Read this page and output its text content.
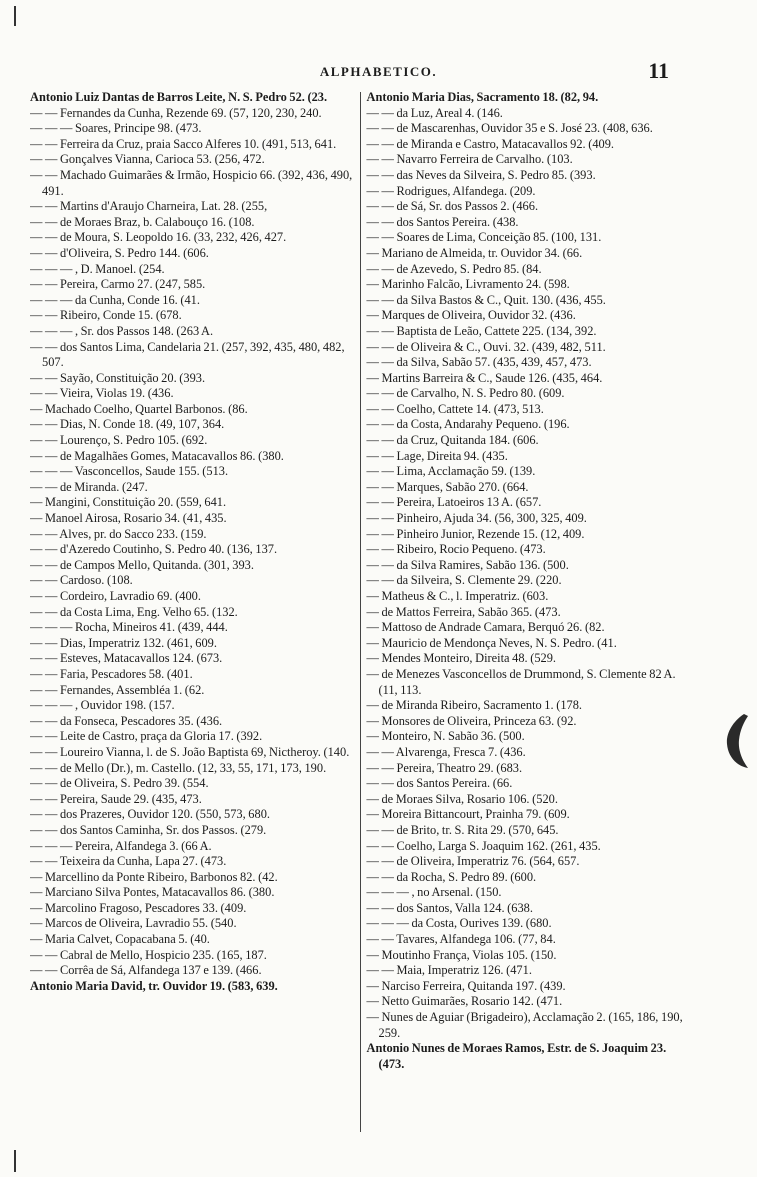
ALPHABETICO.	11
Antonio Luiz Dantas de Barros Leite, N. S. Pedro 52. (23.
— — Fernandes da Cunha, Rezende 69. (57, 120, 230, 240.
— — — Soares, Principe 98. (473.
— — Ferreira da Cruz, praia Sacco Alferes 10. (491, 513, 641.
— — Gonçalves Vianna, Carioca 53. (256, 472.
— — Machado Guimarães & Irmão, Hospicio 66. (392, 436, 490, 491.
— — Martins d'Araujo Charneira, Lat. 28. (255,
— — de Moraes Braz, b. Calabouço 16. (108.
— — de Moura, S. Leopoldo 16. (33, 232, 426, 427.
— — d'Oliveira, S. Pedro 144. (606.
— — — , D. Manoel. (254.
— — Pereira, Carmo 27. (247, 585.
— — — da Cunha, Conde 16. (41.
— — Ribeiro, Conde 15. (678.
— — — , Sr. dos Passos 148. (263 A.
— — dos Santos Lima, Candelaria 21. (257, 392, 435, 480, 482, 507.
— — Sayão, Constituição 20. (393.
— — Vieira, Violas 19. (436.
— Machado Coelho, Quartel Barbonos. (86.
— — Dias, N. Conde 18. (49, 107, 364.
— — Lourenço, S. Pedro 105. (692.
— — de Magalhães Gomes, Matacavallos 86. (380.
— — — Vasconcellos, Saude 155. (513.
— — de Miranda. (247.
— Mangini, Constituição 20. (559, 641.
— Manoel Airosa, Rosario 34. (41, 435.
— — Alves, pr. do Sacco 233. (159.
— — d'Azeredo Coutinho, S. Pedro 40. (136, 137.
— — de Campos Mello, Quitanda. (301, 393.
— — Cardoso. (108.
— — Cordeiro, Lavradio 69. (400.
— — da Costa Lima, Eng. Velho 65. (132.
— — — Rocha, Mineiros 41. (439, 444.
— — Dias, Imperatriz 132. (461, 609.
— — Esteves, Matacavallos 124. (673.
— — Faria, Pescadores 58. (401.
— — Fernandes, Assembléa 1. (62.
— — — , Ouvidor 198. (157.
— — da Fonseca, Pescadores 35. (436.
— — Leite de Castro, praça da Gloria 17. (392.
— — Loureiro Vianna, l. de S. João Baptista 69, Nictheroy. (140.
— — de Mello (Dr.), m. Castello. (12, 33, 55, 171, 173, 190.
— — de Oliveira, S. Pedro 39. (554.
— — Pereira, Saude 29. (435, 473.
— — dos Prazeres, Ouvidor 120. (550, 573, 680.
— — dos Santos Caminha, Sr. dos Passos. (279.
— — — Pereira, Alfandega 3. (66 A.
— — Teixeira da Cunha, Lapa 27. (473.
— Marcellino da Ponte Ribeiro, Barbonos 82. (42.
— Marciano Silva Pontes, Matacavallos 86. (380.
— Marcolino Fragoso, Pescadores 33. (409.
— Marcos de Oliveira, Lavradio 55. (540.
— Maria Calvet, Copacabana 5. (40.
— — Cabral de Mello, Hospicio 235. (165, 187.
— — Corrêa de Sá, Alfandega 137 e 139. (466.
Antonio Maria David, tr. Ouvidor 19. (583, 639.
Antonio Maria Dias, Sacramento 18. (82, 94.
— — da Luz, Areal 4. (146.
— — de Mascarenhas, Ouvidor 35 e S. José 23. (408, 636.
— — de Miranda e Castro, Matacavallos 92. (409.
— — Navarro Ferreira de Carvalho. (103.
— — das Neves da Silveira, S. Pedro 85. (393.
— — Rodrigues, Alfandega. (209.
— — de Sá, Sr. dos Passos 2. (466.
— — dos Santos Pereira. (438.
— — Soares de Lima, Conceição 85. (100, 131.
— Mariano de Almeida, tr. Ouvidor 34. (66.
— — de Azevedo, S. Pedro 85. (84.
— Marinho Falcão, Livramento 24. (598.
— — da Silva Bastos & C., Quit. 130. (436, 455.
— Marques de Oliveira, Ouvidor 32. (436.
— — Baptista de Leão, Cattete 225. (134, 392.
— — de Oliveira & C., Ouvi. 32. (439, 482, 511.
— — da Silva, Sabão 57. (435, 439, 457, 473.
— Martins Barreira & C., Saude 126. (435, 464.
— — de Carvalho, N. S. Pedro 80. (609.
— — Coelho, Cattete 14. (473, 513.
— — da Costa, Andarahy Pequeno. (196.
— — da Cruz, Quitanda 184. (606.
— — Lage, Direita 94. (435.
— — Lima, Acclamação 59. (139.
— — Marques, Sabão 270. (664.
— — Pereira, Latoeiros 13 A. (657.
— — Pinheiro, Ajuda 34. (56, 300, 325, 409.
— — Pinheiro Junior, Rezende 15. (12, 409.
— — Ribeiro, Rocio Pequeno. (473.
— — da Silva Ramires, Sabão 136. (500.
— — da Silveira, S. Clemente 29. (220.
— Matheus & C., l. Imperatriz. (603.
— de Mattos Ferreira, Sabão 365. (473.
— Mattoso de Andrade Camara, Berquó 26. (82.
— Mauricio de Mendonça Neves, N. S. Pedro. (41.
— Mendes Monteiro, Direita 48. (529.
— de Menezes Vasconcellos de Drummond, S. Clemente 82 A. (11, 113.
— de Miranda Ribeiro, Sacramento 1. (178.
— Monsores de Oliveira, Princeza 63. (92.
— Monteiro, N. Sabão 36. (500.
— — Alvarenga, Fresca 7. (436.
— — Pereira, Theatro 29. (683.
— — dos Santos Pereira. (66.
— de Moraes Silva, Rosario 106. (520.
— Moreira Bittancourt, Prainha 79. (609.
— — de Brito, tr. S. Rita 29. (570, 645.
— — Coelho, Larga S. Joaquim 162. (261, 435.
— — de Oliveira, Imperatriz 76. (564, 657.
— — da Rocha, S. Pedro 89. (600.
— — — , no Arsenal. (150.
— — dos Santos, Valla 124. (638.
— — — da Costa, Ourives 139. (680.
— — Tavares, Alfandega 106. (77, 84.
— Moutinho França, Violas 105. (150.
— — Maia, Imperatriz 126. (471.
— Narciso Ferreira, Quitanda 197. (439.
— Netto Guimarães, Rosario 142. (471.
— Nunes de Aguiar (Brigadeiro), Acclamação 2. (165, 186, 190, 259.
Antonio Nunes de Moraes Ramos, Estr. de S. Joaquim 23. (473.
